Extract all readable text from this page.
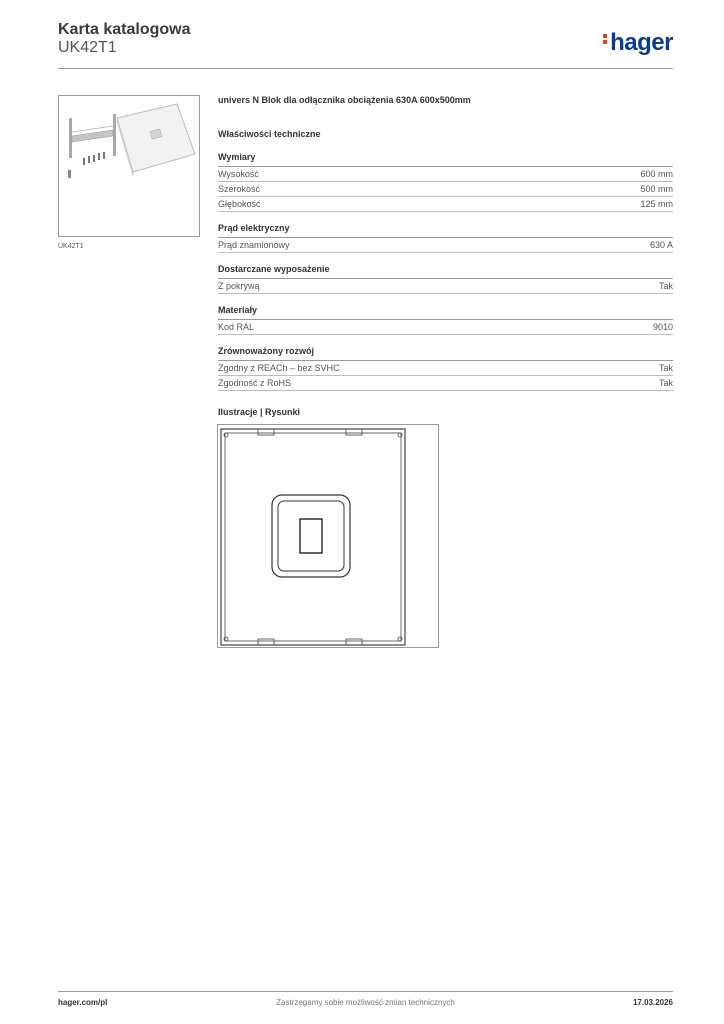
Karta katalogowa
UK42T1	hager
UK42T1
univers N Blok dla odłącznika obciążenia 630A 600x500mm
Właściwości techniczne
Wymiary
Wysokość	600 mm
Szerokość	500 mm
Głębokość	125 mm
Prąd elektryczny
Prąd znamionowy	630 A
Dostarczane wyposażenie
Z pokrywą	Tak
Materiały
Kod RAL	9010
Zrównoważony rozwój
Zgodny z REACh – bez SVHC	Tak
Zgodność z RoHS	Tak
Ilustracje | Rysunki
hager.com/pl	Zastrzegamy sobie możliwość zmian technicznych	17.03.2026
